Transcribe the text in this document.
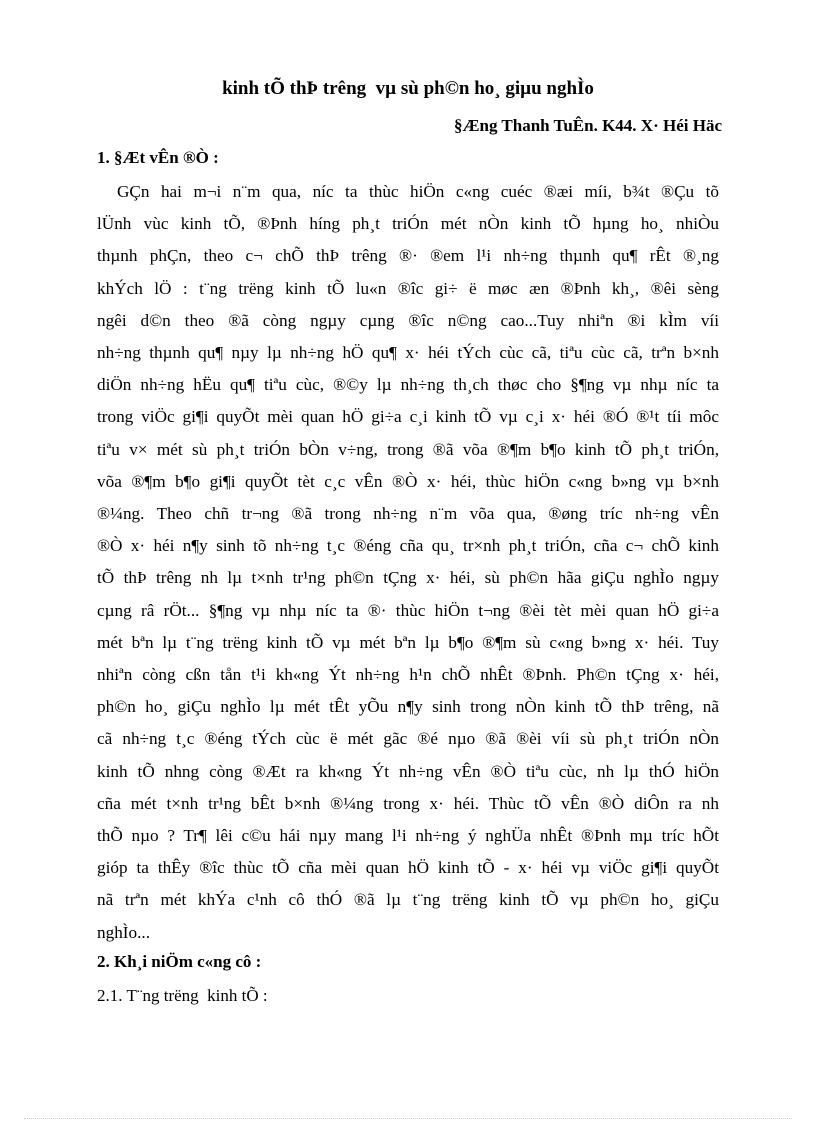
kinh tÕ thÞ trêng  vµ sù ph©n ho¸ giµu nghÌo
§Æng Thanh TuÊn. K44. X· Héi Häc
1. §Æt vÊn ®Ò :
GÇn hai m¬i n¨m qua, níc ta thùc hiÖn c«ng cuéc ®æi míi, b¾t ®Çu tõ
lÜnh vùc kinh tÕ, ®Þnh híng ph¸t triÓn mét nÒn kinh tÕ hµng ho¸ nhiÒu
thµnh phÇn, theo c¬ chÕ thÞ trêng ®· ®em l¹i nh÷ng thµnh qu¶ rÊt ®¸ng
khÝch lÖ : t¨ng trëng kinh tÕ lu«n ®îc gi÷ ë møc æn ®Þnh kh¸, ®êi sèng
ngêi d©n theo ®ã còng ngµy cµng ®îc n©ng cao...Tuy nhiªn ®i kÌm víi
nh÷ng thµnh qu¶ nµy lµ nh÷ng hÖ qu¶ x· héi tÝch cùc cã, tiªu cùc cã, trªn b×nh
diÖn nh÷ng hËu qu¶ tiªu cùc, ®©y lµ nh÷ng th¸ch thøc cho §¶ng vµ nhµ níc ta
trong viÖc gi¶i quyÕt mèi quan hÖ gi÷a c¸i kinh tÕ vµ c¸i x· héi ®Ó ®¹t tíi môc
tiªu v× mét sù ph¸t triÓn bÒn v÷ng, trong ®ã võa ®¶m b¶o kinh tÕ ph¸t triÓn,
võa ®¶m b¶o gi¶i quyÕt tèt c¸c vÊn ®Ò x· héi, thùc hiÖn c«ng b»ng vµ b×nh
®¼ng. Theo chñ tr¬ng ®ã trong nh÷ng n¨m võa qua, ®øng tríc nh÷ng vÊn
®Ò x· héi n¶y sinh tõ nh÷ng t¸c ®éng cña qu¸ tr×nh ph¸t triÓn, cña c¬ chÕ kinh
tÕ thÞ trêng nh lµ t×nh tr¹ng ph©n tÇng x· héi, sù ph©n hãa giÇu nghÌo ngµy
cµng râ rÖt... §¶ng vµ nhµ níc ta ®· thùc hiÖn t¬ng ®èi tèt mèi quan hÖ gi÷a
mét bªn lµ t¨ng trëng kinh tÕ vµ mét bªn lµ b¶o ®¶m sù c«ng b»ng x· héi. Tuy
nhiªn còng cßn tån t¹i kh«ng Ýt nh÷ng h¹n chÕ nhÊt ®Þnh. Ph©n tÇng x· héi,
ph©n ho¸ giÇu nghÌo lµ mét tÊt yÕu n¶y sinh trong nÒn kinh tÕ thÞ trêng, nã
cã nh÷ng t¸c ®éng tÝch cùc ë mét gãc ®é nµo ®ã ®èi víi sù ph¸t triÓn nÒn
kinh tÕ nhng còng ®Æt ra kh«ng Ýt nh÷ng vÊn ®Ò tiªu cùc, nh lµ thÓ hiÖn
cña mét t×nh tr¹ng bÊt b×nh ®¼ng trong x· héi. Thùc tÕ vÊn ®Ò diÔn ra nh
thÕ nµo ? Tr¶ lêi c©u hái nµy mang l¹i nh÷ng ý nghÜa nhÊt ®Þnh mµ tríc hÕt
gióp ta thÊy ®îc thùc tÕ cña mèi quan hÖ kinh tÕ - x· héi vµ viÖc gi¶i quyÕt
nã trªn mét khÝa c¹nh cô thÓ ®ã lµ t¨ng trëng kinh tÕ vµ ph©n ho¸ giÇu
nghÌo...
2. Kh¸i niÖm c«ng cô :
2.1. T¨ng trëng  kinh tÕ :
